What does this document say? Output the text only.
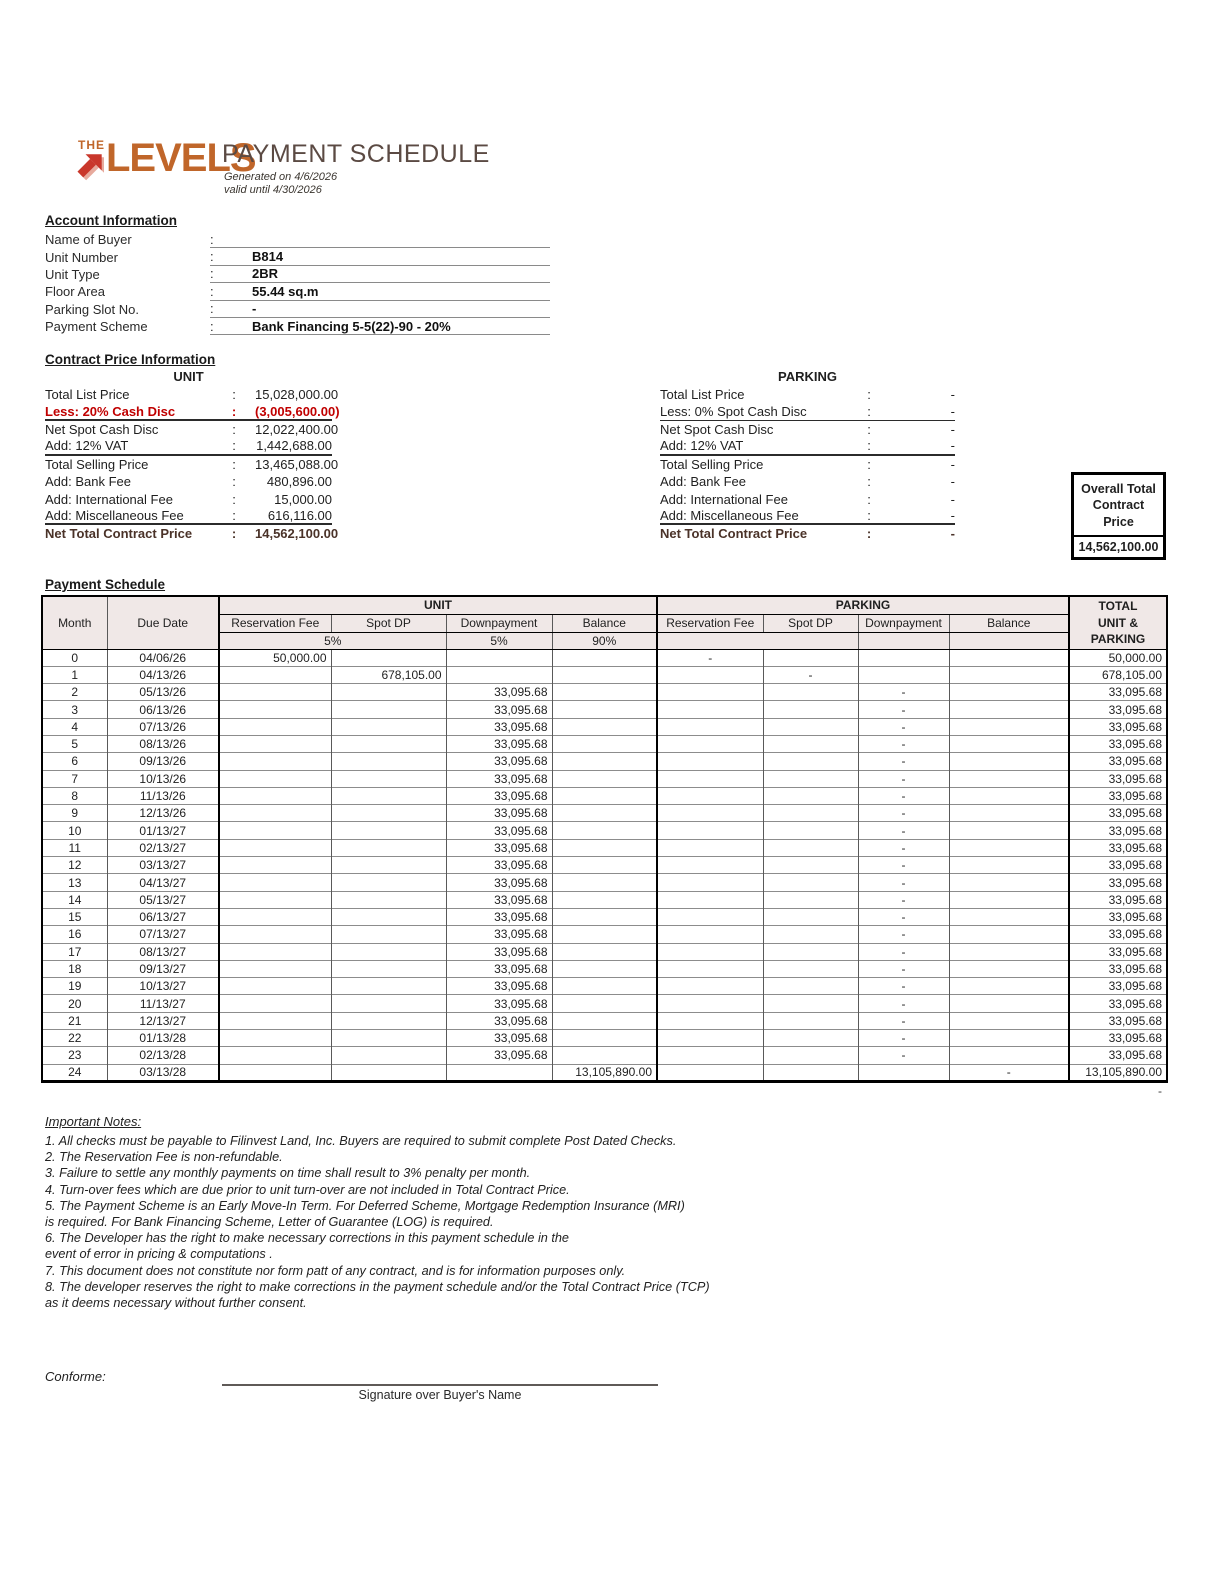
THE LEVELS
PAYMENT SCHEDULE
Generated on 4/6/2026
valid until 4/30/2026
Account Information
Name of Buyer	:
Unit Number	:	B814
Unit Type	:	2BR
Floor Area	:	55.44 sq.m
Parking Slot No.	:	-
Payment Scheme	:	Bank Financing 5-5(22)-90 - 20%
Contract Price Information
UNIT
Total List Price	:	15,028,000.00
Less: 20% Cash Disc	:	(3,005,600.00)
Net Spot Cash Disc	:	12,022,400.00
Add: 12% VAT	:	1,442,688.00
Total Selling Price	:	13,465,088.00
Add: Bank Fee	:	480,896.00
Add: International Fee	:	15,000.00
Add: Miscellaneous Fee	:	616,116.00
Net Total Contract Price	:	14,562,100.00
PARKING
Total List Price	:	-
Less: 0% Spot Cash Disc	:	-
Net Spot Cash Disc	:	-
Add: 12% VAT	:	-
Total Selling Price	:	-
Add: Bank Fee	:	-
Add: International Fee	:	-
Add: Miscellaneous Fee	:	-
Net Total Contract Price	:	-
Overall Total
Contract Price
14,562,100.00
Payment Schedule
Month	Due Date	UNIT				PARKING				TOTAL
UNIT &
PARKING
		Reservation Fee	Spot DP	Downpayment	Balance	Reservation Fee	Spot DP	Downpayment	Balance	
		5%		5%	90%					
0	04/06/26	50,000.00				-				50,000.00
1	04/13/26		678,105.00				-			678,105.00
2	05/13/26			33,095.68				-		33,095.68
3	06/13/26			33,095.68				-		33,095.68
4	07/13/26			33,095.68				-		33,095.68
5	08/13/26			33,095.68				-		33,095.68
6	09/13/26			33,095.68				-		33,095.68
7	10/13/26			33,095.68				-		33,095.68
8	11/13/26			33,095.68				-		33,095.68
9	12/13/26			33,095.68				-		33,095.68
10	01/13/27			33,095.68				-		33,095.68
11	02/13/27			33,095.68				-		33,095.68
12	03/13/27			33,095.68				-		33,095.68
13	04/13/27			33,095.68				-		33,095.68
14	05/13/27			33,095.68				-		33,095.68
15	06/13/27			33,095.68				-		33,095.68
16	07/13/27			33,095.68				-		33,095.68
17	08/13/27			33,095.68				-		33,095.68
18	09/13/27			33,095.68				-		33,095.68
19	10/13/27			33,095.68				-		33,095.68
20	11/13/27			33,095.68				-		33,095.68
21	12/13/27			33,095.68				-		33,095.68
22	01/13/28			33,095.68				-		33,095.68
23	02/13/28			33,095.68				-		33,095.68
24	03/13/28				13,105,890.00				-	13,105,890.00
-
Important Notes:
1. All checks must be payable to Filinvest Land, Inc. Buyers are required to submit complete Post Dated Checks.
2. The Reservation Fee is non-refundable.
3. Failure to settle any monthly payments on time shall result to 3% penalty per month.
4. Turn-over fees which are due prior to unit turn-over are not included in Total Contract Price.
5. The Payment Scheme is an Early Move-In Term. For Deferred Scheme, Mortgage Redemption Insurance (MRI)
is required. For Bank Financing Scheme, Letter of Guarantee (LOG) is required.
6. The Developer has the right to make necessary corrections in this payment schedule in the
event of error in pricing & computations .
7. This document does not constitute nor form patt of any contract, and is for information purposes only.
8. The developer reserves the right to make corrections in the payment schedule and/or the Total Contract Price (TCP)
as it deems necessary without further consent.
Conforme:
Signature over Buyer's Name
